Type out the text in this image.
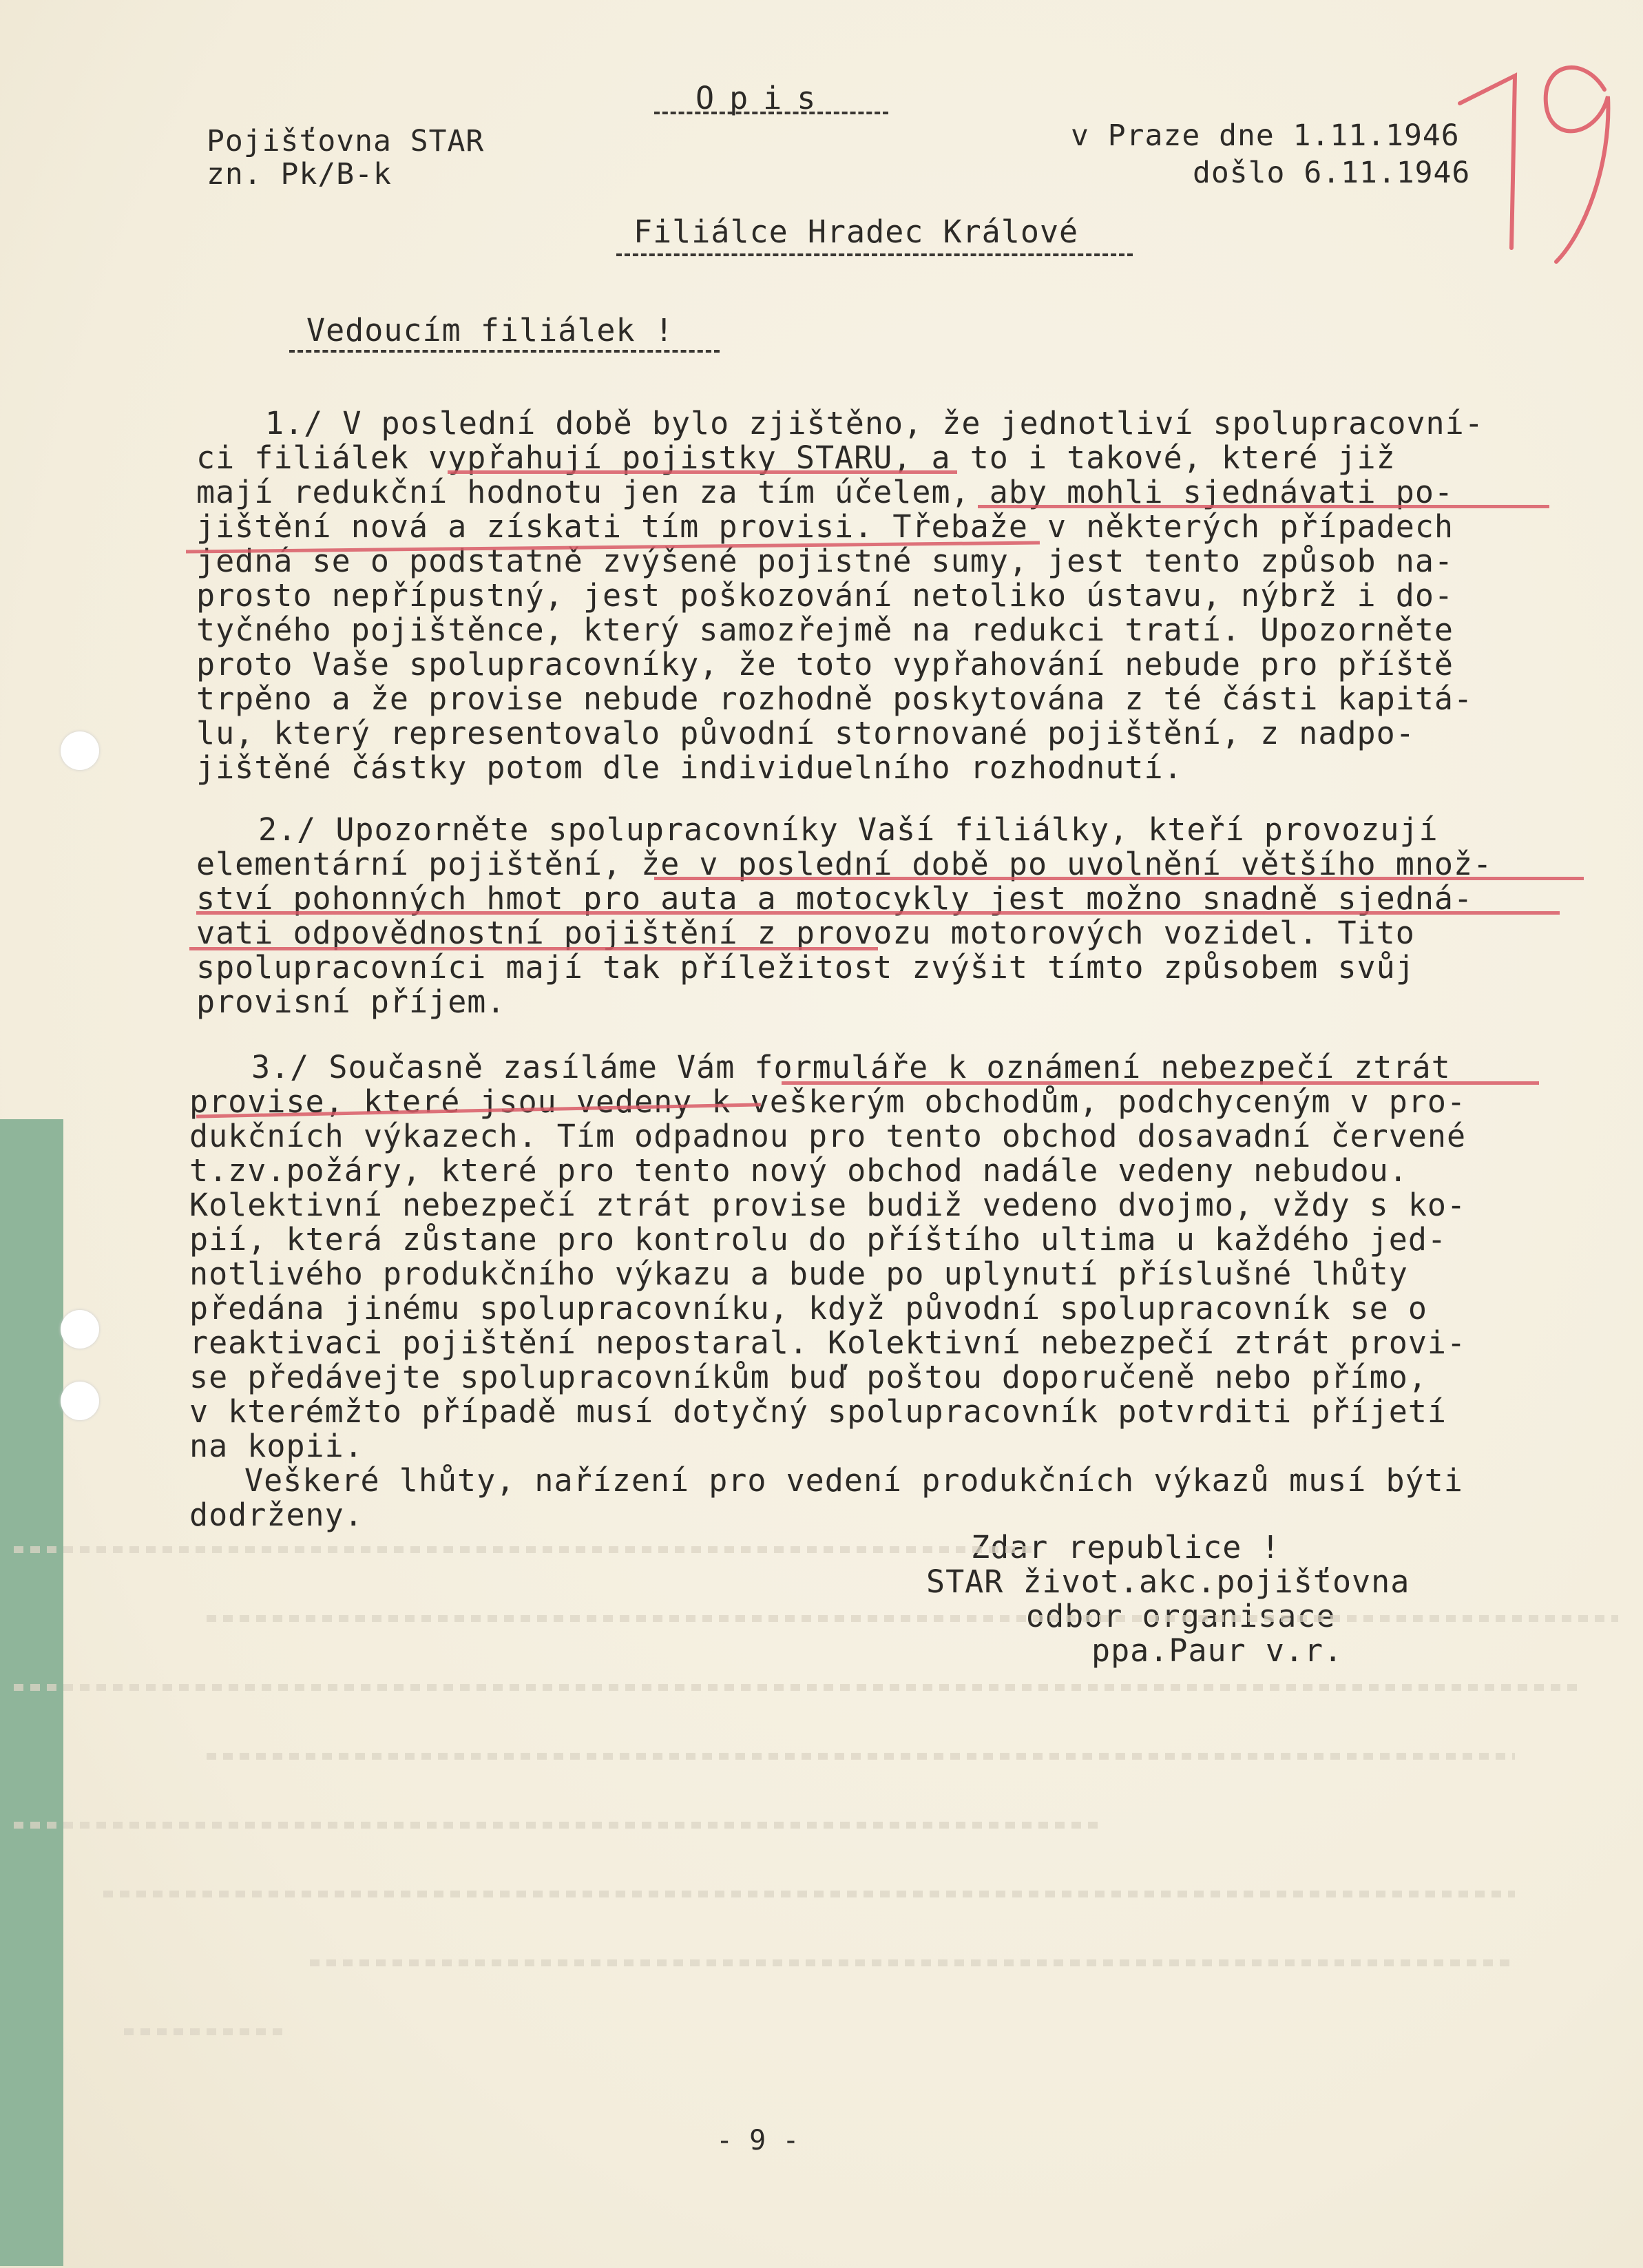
Opis
Pojišťovna STAR
zn. Pk/B-k
v Praze dne 1.11.1946
došlo 6.11.1946
Filiálce Hradec Králové
Vedoucím filiálek !
1./ V poslední době bylo zjištěno, že jednotliví spolupracovní-
ci filiálek vypřahují pojistky STARU, a to i takové, které již
mají redukční hodnotu jen za tím účelem, aby mohli sjednávati po-
jištění nová a získati tím provisi. Třebaže v některých případech
jedná se o podstatně zvýšené pojistné sumy, jest tento způsob na-
prosto nepřípustný, jest poškozování netoliko ústavu, nýbrž i do-
tyčného pojištěnce, který samozřejmě na redukci tratí. Upozorněte
proto Vaše spolupracovníky, že toto vypřahování nebude pro příště
trpěno a že provise nebude rozhodně poskytována z té části kapitá-
lu, který representovalo původní stornované pojištění, z nadpo-
jištěné částky potom dle individuelního rozhodnutí.
2./ Upozorněte spolupracovníky Vaší filiálky, kteří provozují
elementární pojištění, že v poslední době po uvolnění většího množ-
ství pohonných hmot pro auta a motocykly jest možno snadně sjedná-
vati odpovědnostní pojištění z provozu motorových vozidel. Tito
spolupracovníci mají tak příležitost zvýšit tímto způsobem svůj
provisní příjem.
3./ Současně zasíláme Vám formuláře k oznámení nebezpečí ztrát
provise, které jsou vedeny k veškerým obchodům, podchyceným v pro-
dukčních výkazech. Tím odpadnou pro tento obchod dosavadní červené
t.zv.požáry, které pro tento nový obchod nadále vedeny nebudou.
Kolektivní nebezpečí ztrát provise budiž vedeno dvojmo, vždy s ko-
pií, která zůstane pro kontrolu do příštího ultima u každého jed-
notlivého produkčního výkazu a bude po uplynutí příslušné lhůty
předána jinému spolupracovníku, když původní spolupracovník se o
reaktivaci pojištění nepostaral. Kolektivní nebezpečí ztrát provi-
se předávejte spolupracovníkům buď poštou doporučeně nebo přímo,
v kterémžto případě musí dotyčný spolupracovník potvrditi příjetí
na kopii.
Veškeré lhůty, nařízení pro vedení produkčních výkazů musí býti
dodrženy.
Zdar republice !
STAR život.akc.pojišťovna
odbor organisace
ppa.Paur v.r.
- 9 -
